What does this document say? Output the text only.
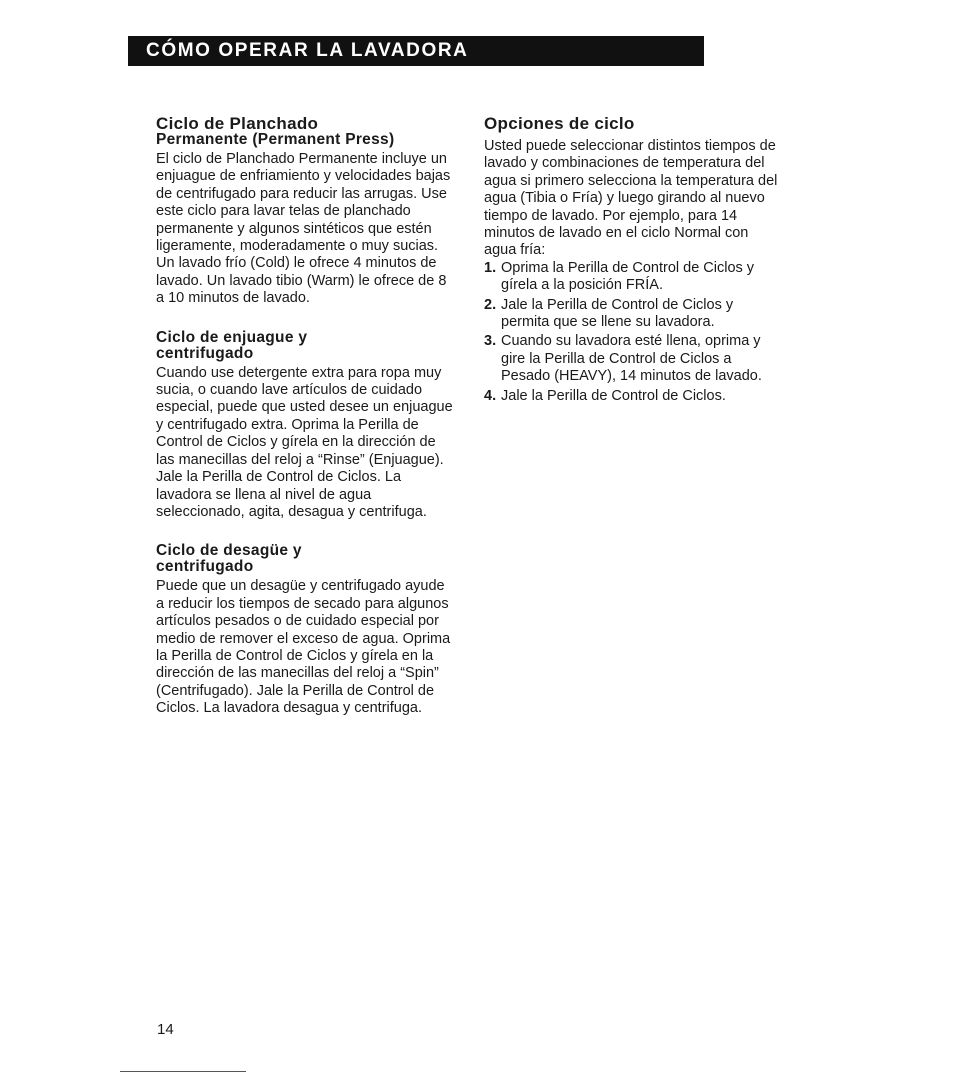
CÓMO OPERAR LA LAVADORA
Ciclo de Planchado
Permanente (Permanent Press)

El ciclo de Planchado Permanente incluye un enjuague de enfriamiento y velocidades bajas de centrifugado para reducir las arrugas. Use este ciclo para lavar telas de planchado permanente y algunos sintéticos que estén ligeramente, moderadamente o muy sucias.

Un lavado frío (Cold) le ofrece 4 minutos de lavado. Un lavado tibio (Warm) le ofrece de 8 a 10 minutos de lavado.

Ciclo de enjuague y
centrifugado

Cuando use detergente extra para ropa muy sucia, o cuando lave artículos de cuidado especial, puede que usted desee un enjuague y centrifugado extra. Oprima la Perilla de Control de Ciclos y gírela en la dirección de las manecillas del reloj a “Rinse” (Enjuague). Jale la Perilla de Control de Ciclos. La lavadora se llena al nivel de agua seleccionado, agita, desagua y centrifuga.

Ciclo de desagüe y
centrifugado

Puede que un desagüe y centrifugado ayude a reducir los tiempos de secado para algunos artículos pesados o de cuidado especial por medio de remover el exceso de agua. Oprima la Perilla de Control de Ciclos y gírela en la dirección de las manecillas del reloj a “Spin” (Centrifugado). Jale la Perilla de Control de Ciclos. La lavadora desagua y centrifuga.

Opciones de ciclo

Usted puede seleccionar distintos tiempos de lavado y combinaciones de temperatura del agua si primero selecciona la temperatura del agua (Tibia o Fría) y luego girando al nuevo tiempo de lavado. Por ejemplo, para 14 minutos de lavado en el ciclo Normal con agua fría:

1. Oprima la Perilla de Control de Ciclos y gírela a la posición FRÍA.
2. Jale la Perilla de Control de Ciclos y permita que se llene su lavadora.
3. Cuando su lavadora esté llena, oprima y gire la Perilla de Control de Ciclos a Pesado (HEAVY), 14 minutos de lavado.
4. Jale la Perilla de Control de Ciclos.
14
